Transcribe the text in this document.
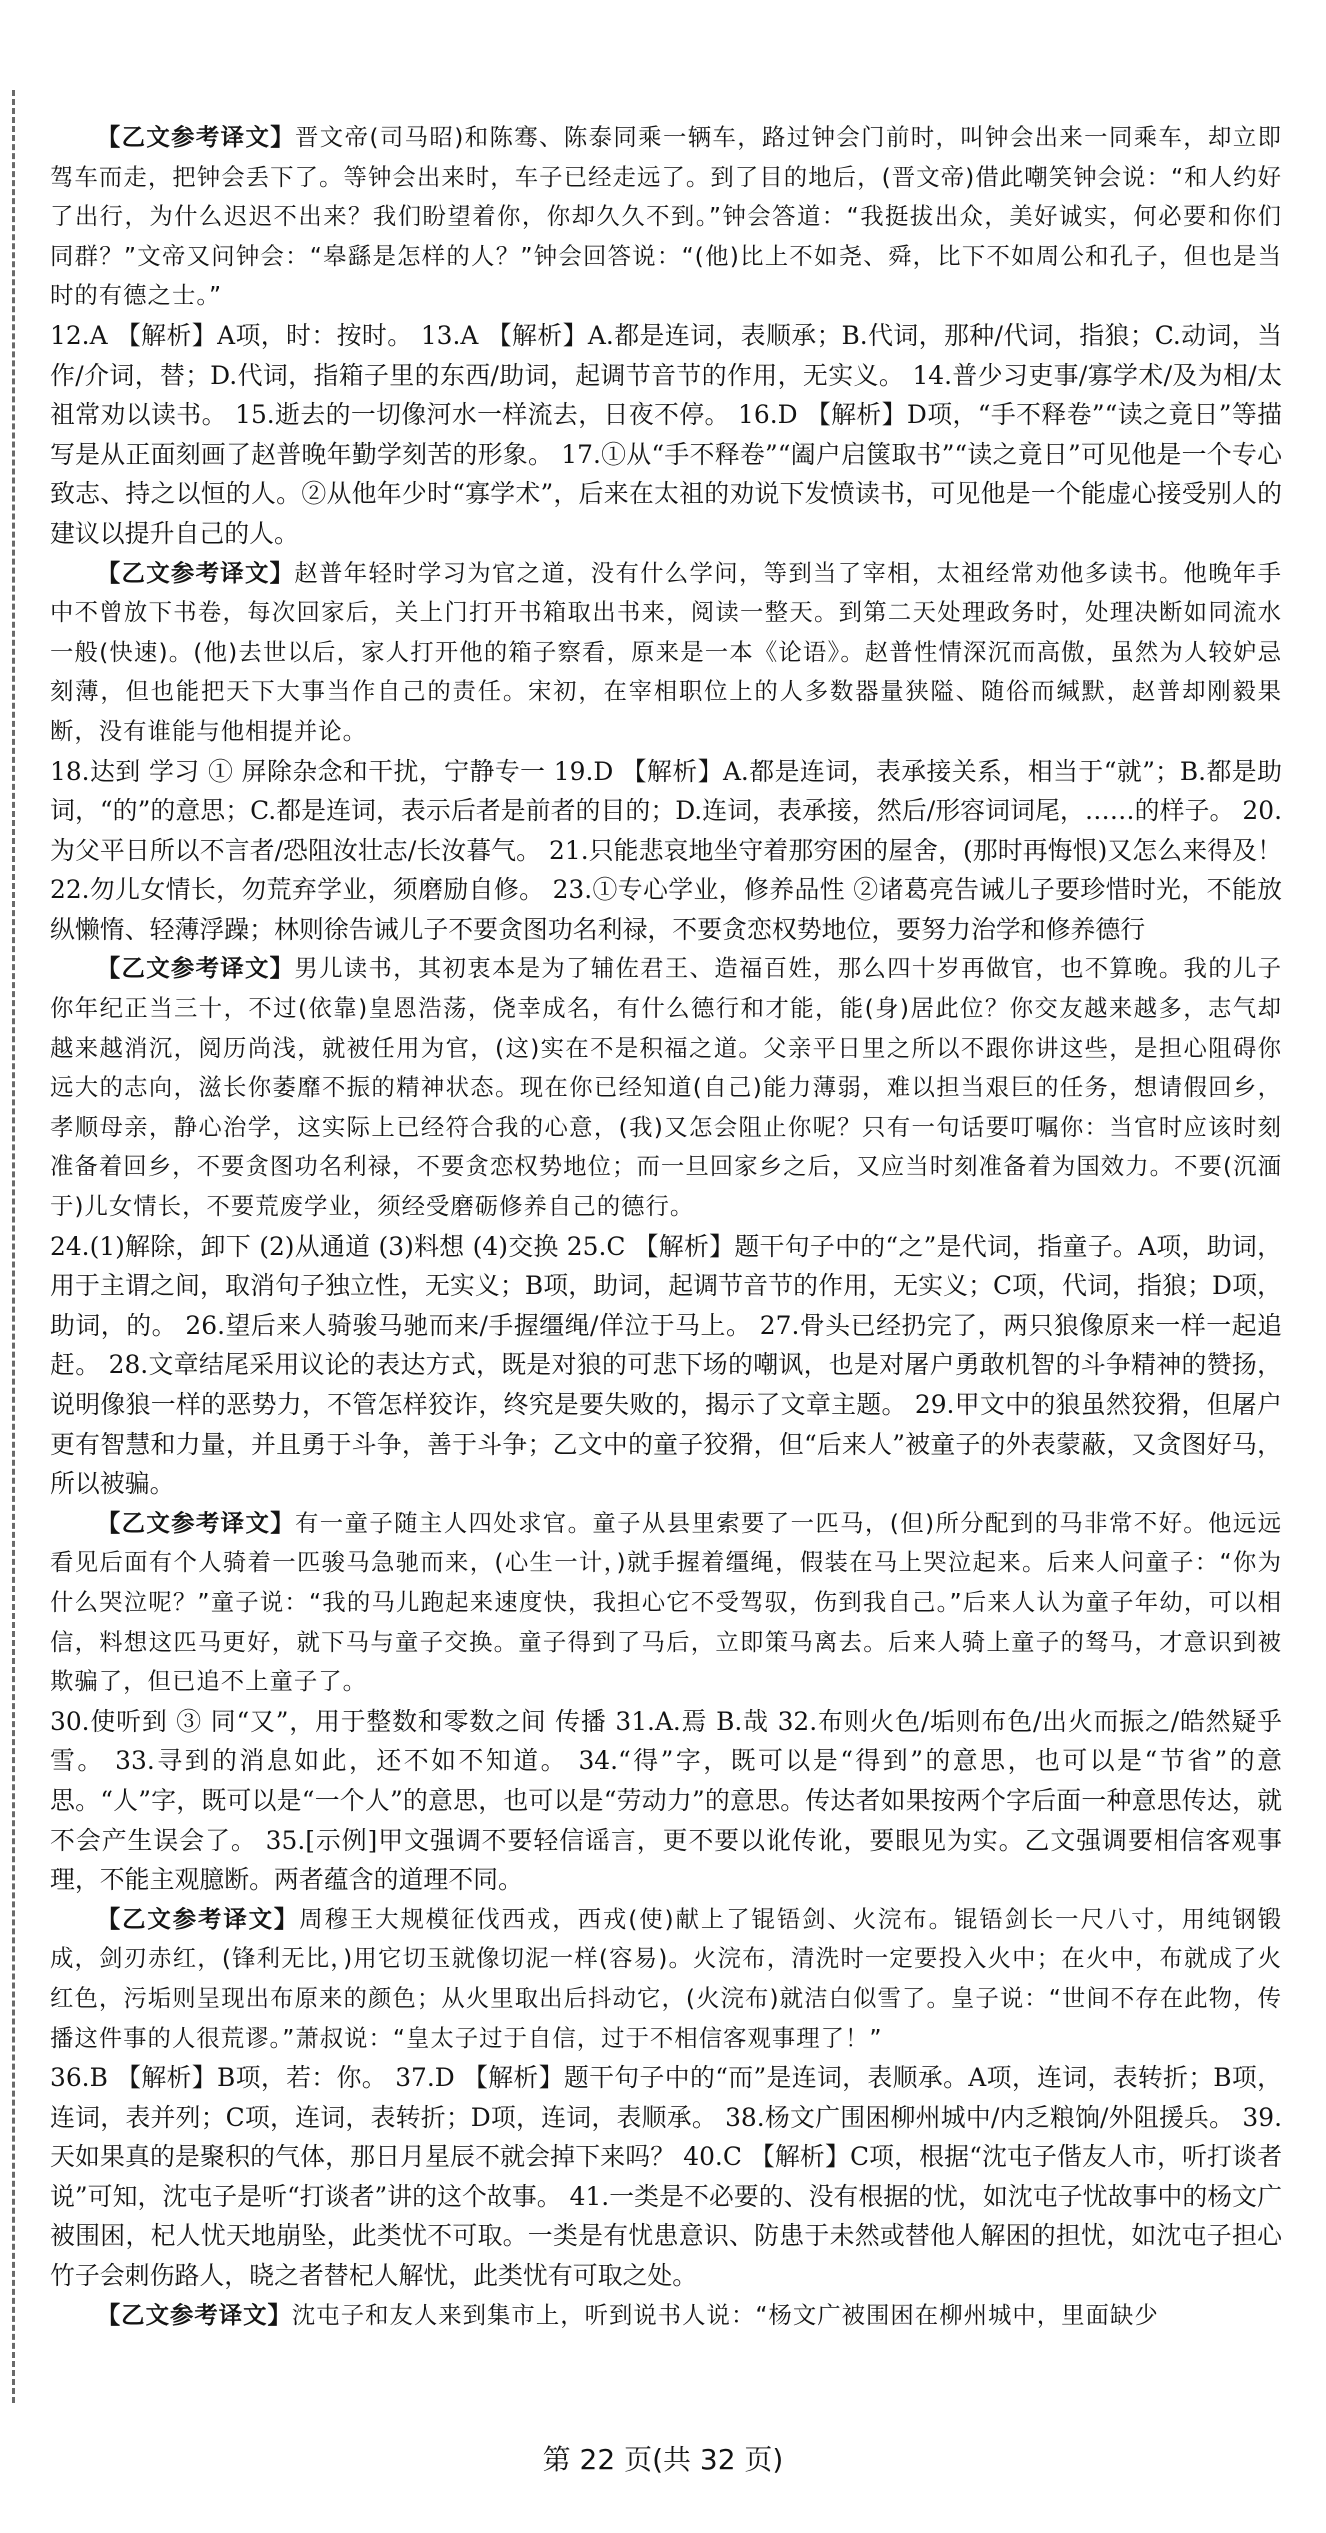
【乙文参考译文】晋文帝(司马昭)和陈骞、陈泰同乘一辆车，路过钟会门前时，叫钟会出来一同乘车，却立即驾车而走，把钟会丢下了。等钟会出来时，车子已经走远了。到了目的地后，(晋文帝)借此嘲笑钟会说：“和人约好了出行，为什么迟迟不出来？我们盼望着你，你却久久不到。”钟会答道：“我挺拔出众，美好诚实，何必要和你们同群？”文帝又问钟会：“皋繇是怎样的人？”钟会回答说：“(他)比上不如尧、舜，比下不如周公和孔子，但也是当时的有德之士。”

12.A 【解析】A项，时：按时。 13.A 【解析】A.都是连词，表顺承；B.代词，那种/代词，指狼；C.动词，当作/介词，替；D.代词，指箱子里的东西/助词，起调节音节的作用，无实义。 14.普少习吏事/寡学术/及为相/太祖常劝以读书。 15.逝去的一切像河水一样流去，日夜不停。 16.D 【解析】D项，“手不释卷”“读之竟日”等描写是从正面刻画了赵普晚年勤学刻苦的形象。 17.①从“手不释卷”“阖户启箧取书”“读之竟日”可见他是一个专心致志、持之以恒的人。②从他年少时“寡学术”，后来在太祖的劝说下发愤读书，可见他是一个能虚心接受别人的建议以提升自己的人。

【乙文参考译文】赵普年轻时学习为官之道，没有什么学问，等到当了宰相，太祖经常劝他多读书。他晚年手中不曾放下书卷，每次回家后，关上门打开书箱取出书来，阅读一整天。到第二天处理政务时，处理决断如同流水一般(快速)。(他)去世以后，家人打开他的箱子察看，原来是一本《论语》。赵普性情深沉而高傲，虽然为人较妒忌刻薄，但也能把天下大事当作自己的责任。宋初，在宰相职位上的人多数器量狭隘、随俗而缄默，赵普却刚毅果断，没有谁能与他相提并论。

18.达到 学习 ① 屏除杂念和干扰，宁静专一 19.D 【解析】A.都是连词，表承接关系，相当于“就”；B.都是助词，“的”的意思；C.都是连词，表示后者是前者的目的；D.连词，表承接，然后/形容词词尾，……的样子。 20.为父平日所以不言者/恐阻汝壮志/长汝暮气。 21.只能悲哀地坐守着那穷困的屋舍，(那时再悔恨)又怎么来得及！ 22.勿儿女情长，勿荒弃学业，须磨励自修。 23.①专心学业，修养品性 ②诸葛亮告诫儿子要珍惜时光，不能放纵懒惰、轻薄浮躁；林则徐告诫儿子不要贪图功名利禄，不要贪恋权势地位，要努力治学和修养德行

【乙文参考译文】男儿读书，其初衷本是为了辅佐君王、造福百姓，那么四十岁再做官，也不算晚。我的儿子你年纪正当三十，不过(依靠)皇恩浩荡，侥幸成名，有什么德行和才能，能(身)居此位？你交友越来越多，志气却越来越消沉，阅历尚浅，就被任用为官，(这)实在不是积福之道。父亲平日里之所以不跟你讲这些，是担心阻碍你远大的志向，滋长你萎靡不振的精神状态。现在你已经知道(自己)能力薄弱，难以担当艰巨的任务，想请假回乡，孝顺母亲，静心治学，这实际上已经符合我的心意，(我)又怎会阻止你呢？只有一句话要叮嘱你：当官时应该时刻准备着回乡，不要贪图功名利禄，不要贪恋权势地位；而一旦回家乡之后，又应当时刻准备着为国效力。不要(沉湎于)儿女情长，不要荒废学业，须经受磨砺修养自己的德行。

24.(1)解除，卸下 (2)从通道 (3)料想 (4)交换 25.C 【解析】题干句子中的“之”是代词，指童子。A项，助词，用于主谓之间，取消句子独立性，无实义；B项，助词，起调节音节的作用，无实义；C项，代词，指狼；D项，助词，的。 26.望后来人骑骏马驰而来/手握缰绳/佯泣于马上。 27.骨头已经扔完了，两只狼像原来一样一起追赶。 28.文章结尾采用议论的表达方式，既是对狼的可悲下场的嘲讽，也是对屠户勇敢机智的斗争精神的赞扬，说明像狼一样的恶势力，不管怎样狡诈，终究是要失败的，揭示了文章主题。 29.甲文中的狼虽然狡猾，但屠户更有智慧和力量，并且勇于斗争，善于斗争；乙文中的童子狡猾，但“后来人”被童子的外表蒙蔽，又贪图好马，所以被骗。

【乙文参考译文】有一童子随主人四处求官。童子从县里索要了一匹马，(但)所分配到的马非常不好。他远远看见后面有个人骑着一匹骏马急驰而来，(心生一计，)就手握着缰绳，假装在马上哭泣起来。后来人问童子：“你为什么哭泣呢？”童子说：“我的马儿跑起来速度快，我担心它不受驾驭，伤到我自己。”后来人认为童子年幼，可以相信，料想这匹马更好，就下马与童子交换。童子得到了马后，立即策马离去。后来人骑上童子的驽马，才意识到被欺骗了，但已追不上童子了。

30.使听到 ③ 同“又”，用于整数和零数之间 传播 31.A.焉 B.哉 32.布则火色/垢则布色/出火而振之/皓然疑乎雪。 33.寻到的消息如此，还不如不知道。 34.“得”字，既可以是“得到”的意思，也可以是“节省”的意思。“人”字，既可以是“一个人”的意思，也可以是“劳动力”的意思。传达者如果按两个字后面一种意思传达，就不会产生误会了。 35.[示例]甲文强调不要轻信谣言，更不要以讹传讹，要眼见为实。乙文强调要相信客观事理，不能主观臆断。两者蕴含的道理不同。

【乙文参考译文】周穆王大规模征伐西戎，西戎(使)献上了锟铻剑、火浣布。锟铻剑长一尺八寸，用纯钢锻成，剑刃赤红，(锋利无比，)用它切玉就像切泥一样(容易)。火浣布，清洗时一定要投入火中；在火中，布就成了火红色，污垢则呈现出布原来的颜色；从火里取出后抖动它，(火浣布)就洁白似雪了。皇子说：“世间不存在此物，传播这件事的人很荒谬。”萧叔说：“皇太子过于自信，过于不相信客观事理了！”

36.B 【解析】B项，若：你。 37.D 【解析】题干句子中的“而”是连词，表顺承。A项，连词，表转折；B项，连词，表并列；C项，连词，表转折；D项，连词，表顺承。 38.杨文广围困柳州城中/内乏粮饷/外阻援兵。 39.天如果真的是聚积的气体，那日月星辰不就会掉下来吗？ 40.C 【解析】C项，根据“沈屯子偕友人市，听打谈者说”可知，沈屯子是听“打谈者”讲的这个故事。 41.一类是不必要的、没有根据的忧，如沈屯子忧故事中的杨文广被围困，杞人忧天地崩坠，此类忧不可取。一类是有忧患意识、防患于未然或替他人解困的担忧，如沈屯子担心竹子会刺伤路人，晓之者替杞人解忧，此类忧有可取之处。

【乙文参考译文】沈屯子和友人来到集市上，听到说书人说：“杨文广被围困在柳州城中，里面缺少

第 22 页(共 32 页)
